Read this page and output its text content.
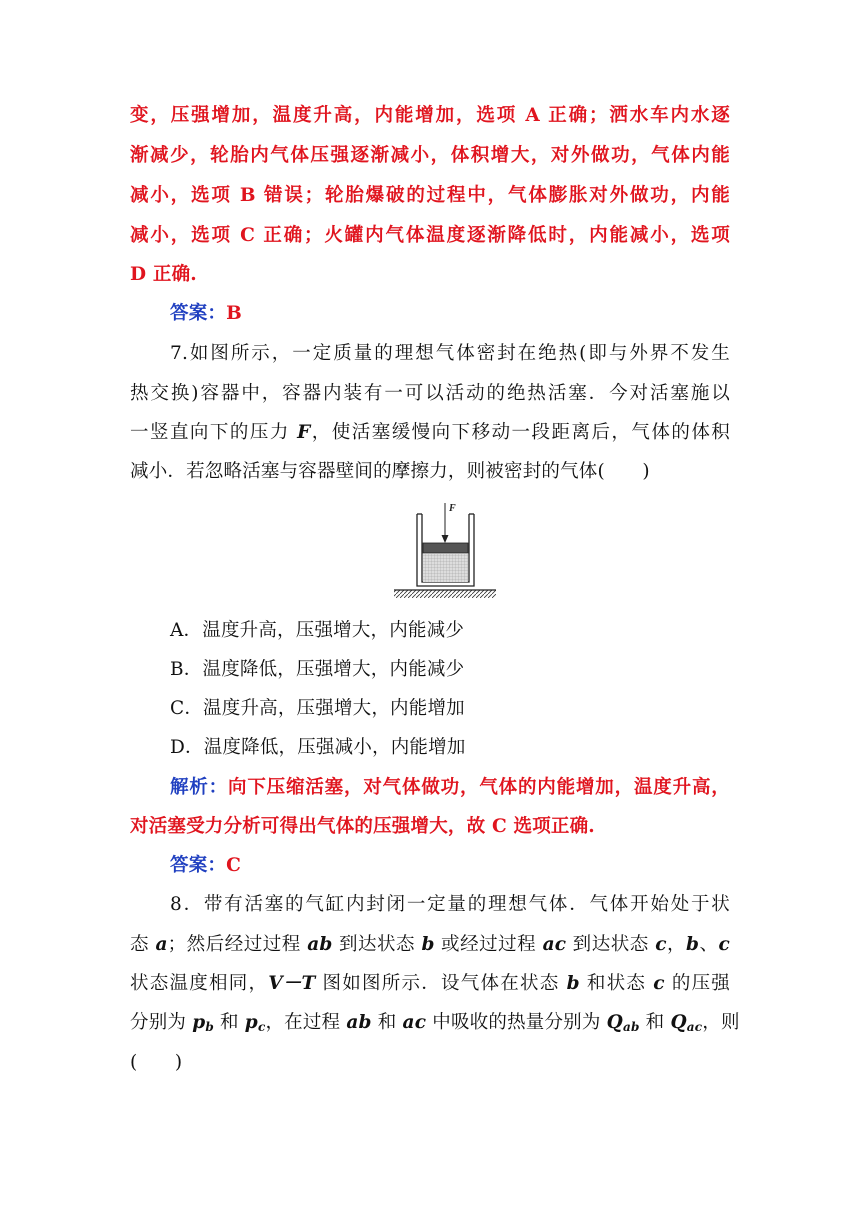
变，压强增加，温度升高，内能增加，选项 A 正确；洒水车内水逐
渐减少，轮胎内气体压强逐渐减小，体积增大，对外做功，气体内能
减小，选项 B 错误；轮胎爆破的过程中，气体膨胀对外做功，内能
减小，选项 C 正确；火罐内气体温度逐渐降低时，内能减小，选项
D 正确.
答案：B
7.如图所示，一定质量的理想气体密封在绝热(即与外界不发生
热交换)容器中，容器内装有一可以活动的绝热活塞．今对活塞施以
一竖直向下的压力 F，使活塞缓慢向下移动一段距离后，气体的体积
减小．若忽略活塞与容器壁间的摩擦力，则被密封的气体(　　)
F
A．温度升高，压强增大，内能减少
B．温度降低，压强增大，内能减少
C．温度升高，压强增大，内能增加
D．温度降低，压强减小，内能增加
解析：向下压缩活塞，对气体做功，气体的内能增加，温度升高，
对活塞受力分析可得出气体的压强增大，故 C 选项正确.
答案：C
8．带有活塞的气缸内封闭一定量的理想气体．气体开始处于状
态 a；然后经过过程 ab 到达状态 b 或经过过程 ac 到达状态 c，b、c
状态温度相同，V－T 图如图所示．设气体在状态 b 和状态 c 的压强
分别为 $p_b$ 和 $p_c$，在过程 ab 和 ac 中吸收的热量分别为 $Q_{ab}$ 和 $Q_{ac}$，则
(　　)
